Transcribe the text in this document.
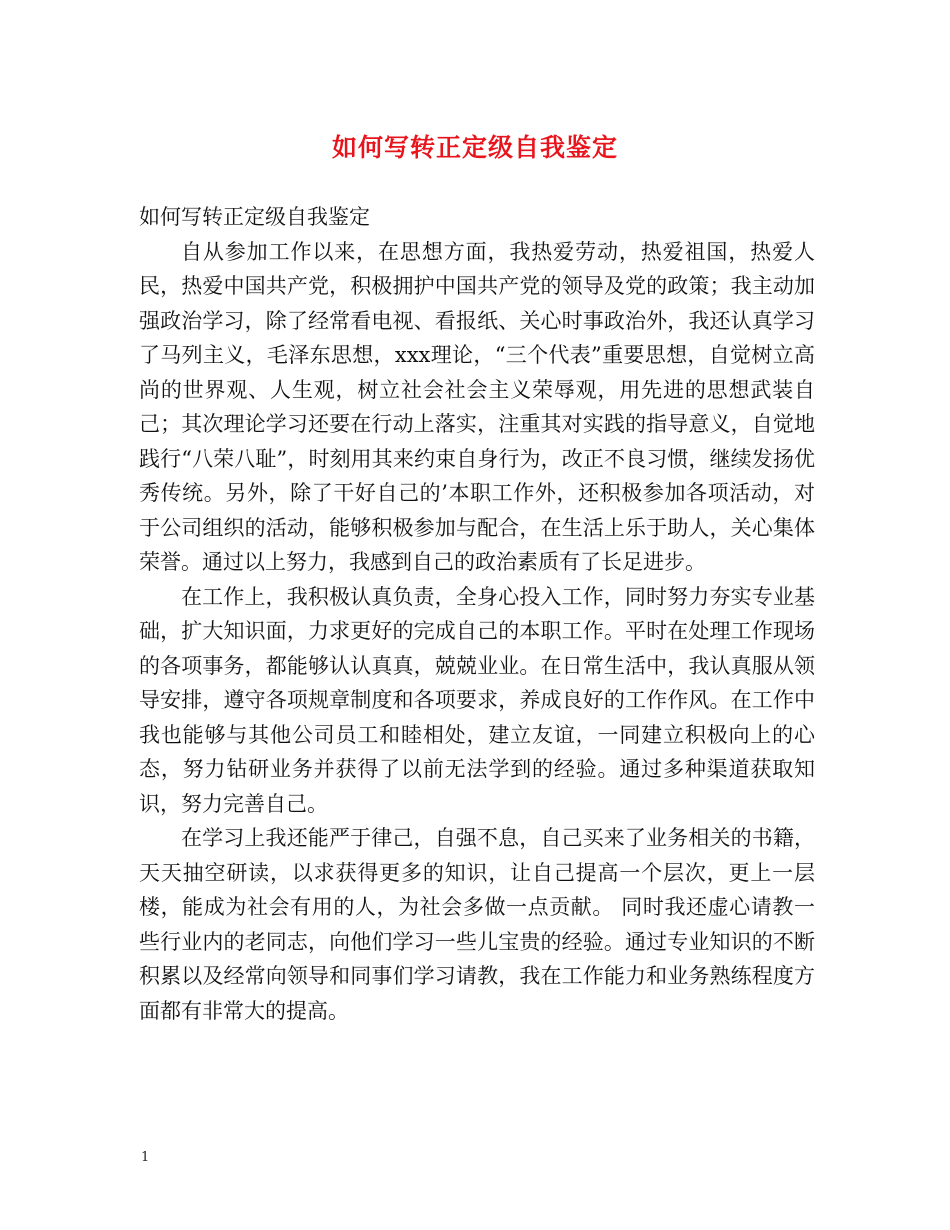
如何写转正定级自我鉴定

如何写转正定级自我鉴定

自从参加工作以来，在思想方面，我热爱劳动，热爱祖国，热爱人民，热爱中国共产党，积极拥护中国共产党的领导及党的政策；我主动加强政治学习，除了经常看电视、看报纸、关心时事政治外，我还认真学习了马列主义，毛泽东思想，xxx理论，“三个代表”重要思想，自觉树立高尚的世界观、人生观，树立社会社会主义荣辱观，用先进的思想武装自己；其次理论学习还要在行动上落实，注重其对实践的指导意义，自觉地践行“八荣八耻”，时刻用其来约束自身行为，改正不良习惯，继续发扬优秀传统。另外，除了干好自己的’本职工作外，还积极参加各项活动，对于公司组织的活动，能够积极参加与配合，在生活上乐于助人，关心集体荣誉。通过以上努力，我感到自己的政治素质有了长足进步。

在工作上，我积极认真负责，全身心投入工作，同时努力夯实专业基础，扩大知识面，力求更好的完成自己的本职工作。平时在处理工作现场的各项事务，都能够认认真真，兢兢业业。在日常生活中，我认真服从领导安排，遵守各项规章制度和各项要求，养成良好的工作作风。在工作中我也能够与其他公司员工和睦相处，建立友谊，一同建立积极向上的心态，努力钻研业务并获得了以前无法学到的经验。通过多种渠道获取知识，努力完善自己。

在学习上我还能严于律己，自强不息，自己买来了业务相关的书籍，天天抽空研读，以求获得更多的知识，让自己提高一个层次，更上一层楼，能成为社会有用的人，为社会多做一点贡献。 同时我还虚心请教一些行业内的老同志，向他们学习一些儿宝贵的经验。通过专业知识的不断积累以及经常向领导和同事们学习请教，我在工作能力和业务熟练程度方面都有非常大的提高。

1
